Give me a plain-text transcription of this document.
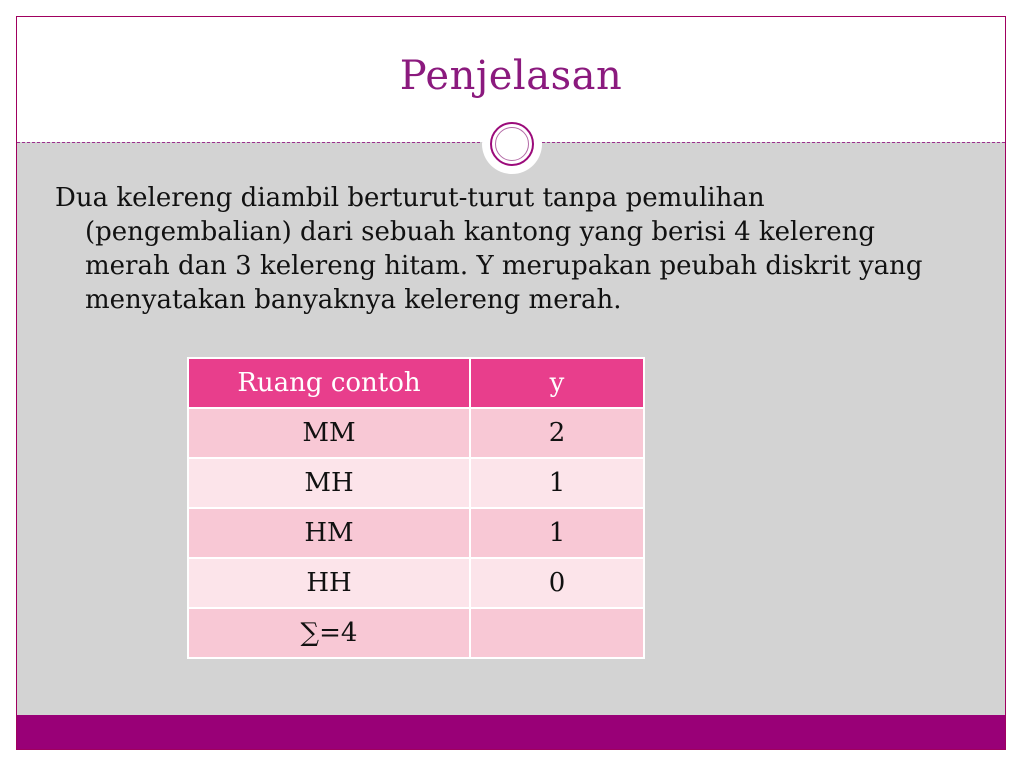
Penjelasan

Dua kelereng diambil berturut-turut tanpa pemulihan (pengembalian) dari sebuah kantong yang berisi 4 kelereng merah dan 3 kelereng hitam. Y merupakan peubah diskrit yang menyatakan banyaknya kelereng merah.

Ruang contoh	y
MM	2
MH	1
HM	1
HH	0
∑=4	
